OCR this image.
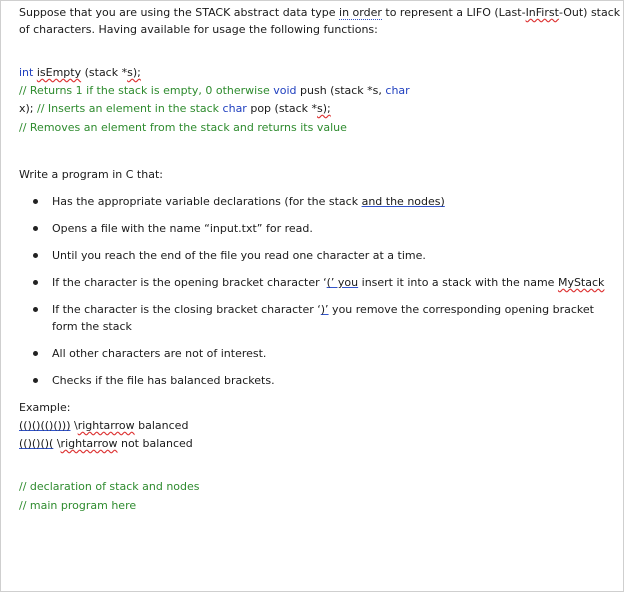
Suppose that you are using the STACK abstract data type in order to represent a LIFO (Last-InFirst-Out) stack
of characters. Having available for usage the following functions:
int isEmpty (stack *s);
// Returns 1 if the stack is empty, 0 otherwise void push (stack *s, char
x); // Inserts an element in the stack char pop (stack *s);
// Removes an element from the stack and returns its value
Write a program in C that:
Has the appropriate variable declarations (for the stack and the nodes)
Opens a file with the name “input.txt” for read.
Until you reach the end of the file you read one character at a time.
If the character is the opening bracket character ‘(’ you insert it into a stack with the name MyStack
If the character is the closing bracket character ‘)’ you remove the corresponding opening bracket
form the stack
All other characters are not of interest.
Checks if the file has balanced brackets.
Example:
(()()(()())) \rightarrow balanced
(()()()( \rightarrow not balanced
// declaration of stack and nodes
// main program here
